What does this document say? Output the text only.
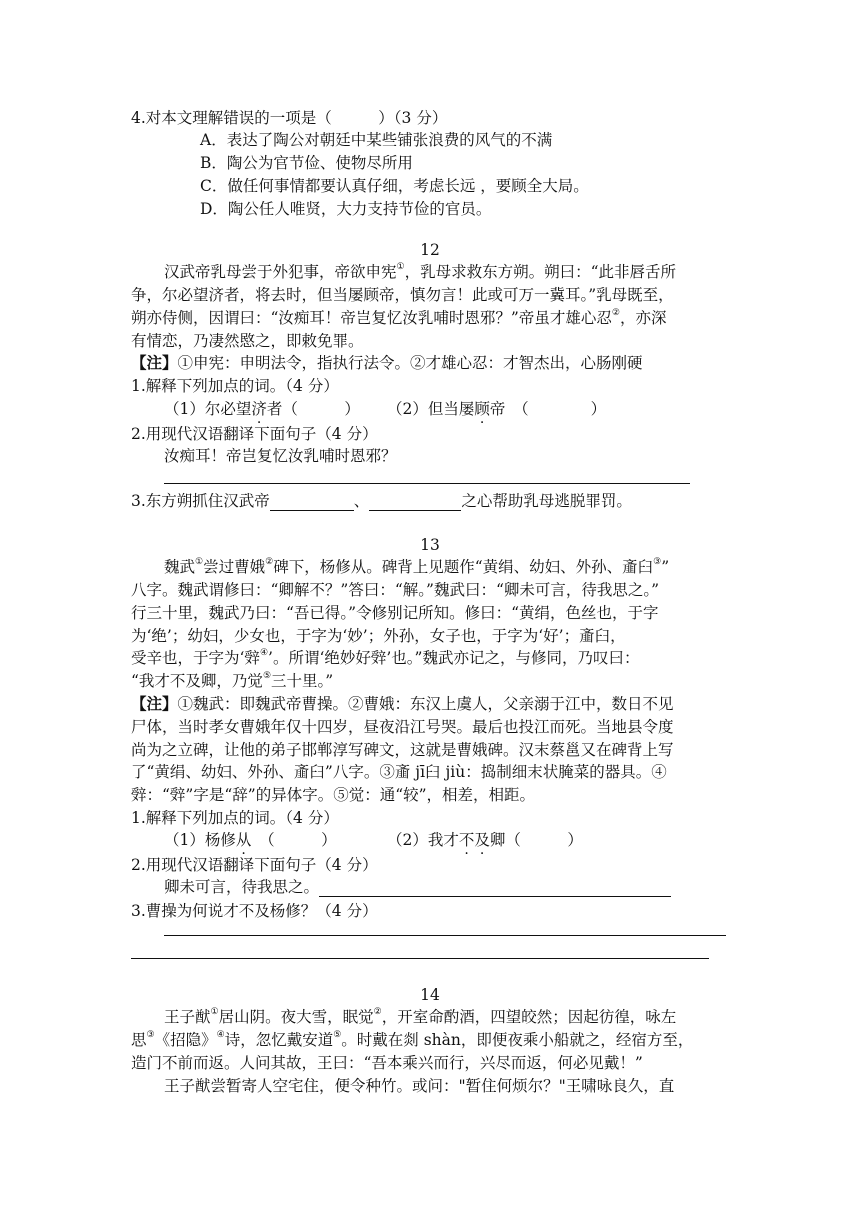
4.对本文理解错误的一项是（　　　）（3 分）
A．表达了陶公对朝廷中某些铺张浪费的风气的不满
B．陶公为官节俭、使物尽所用
C．做任何事情都要认真仔细，考虑长远 ，要顾全大局。
D．陶公任人唯贤，大力支持节俭的官员。
12
汉武帝乳母尝于外犯事，帝欲申宪①，乳母求救东方朔。朔曰：“此非唇舌所
争，尔必望济者，将去时，但当屡顾帝，慎勿言！此或可万一冀耳。”乳母既至，
朔亦侍侧，因谓曰：“汝痴耳！帝岂复忆汝乳哺时恩邪？”帝虽才雄心忍②，亦深
有情恋，乃凄然愍之，即敕免罪。
【注】①申宪：申明法令，指执行法令。②才雄心忍：才智杰出，心肠刚硬
1.解释下列加点的词。（4 分）
（1）尔必望济者（　　　） （2）但当屡顾帝　（　　　　）
2.用现代汉语翻译下面句子（4 分）
汝痴耳！帝岂复忆汝乳哺时恩邪？
3.东方朔抓住汉武帝	、	之心帮助乳母逃脱罪罚。
13
魏武①尝过曹娥②碑下，杨修从。碑背上见题作“黄绢、幼妇、外孙、齑臼③”
八字。魏武谓修曰：“卿解不？”答曰：“解。”魏武曰：“卿未可言，待我思之。”
行三十里，魏武乃曰：“吾已得。”令修别记所知。修曰：“黄绢，色丝也，于字
为‘绝’；幼妇，少女也，于字为‘妙’；外孙，女子也，于字为‘好’；齑臼，
受辛也，于字为‘辤④’。所谓‘绝妙好辤’也。”魏武亦记之，与修同，乃叹曰：
“我才不及卿，乃觉⑤三十里。”
【注】①魏武：即魏武帝曹操。②曹娥：东汉上虞人，父亲溺于江中，数日不见
尸体，当时孝女曹娥年仅十四岁，昼夜沿江号哭。最后也投江而死。当地县令度
尚为之立碑，让他的弟子邯郸淳写碑文，这就是曹娥碑。汉末蔡邕又在碑背上写
了“黄绢、幼妇、外孙、齑臼”八字。③齑 jī臼 jiù：捣制细末状腌菜的器具。④
辤：“辤”字是“辞”的异体字。⑤觉：通“较”，相差，相距。
1.解释下列加点的词。（4 分）
（1）杨修从　（　　　）	（2）我才不及卿（　　　）
2.用现代汉语翻译下面句子（4 分）
卿未可言，待我思之。
3.曹操为何说才不及杨修？（4 分）
14
王子猷①居山阴。夜大雪，眠觉②，开室命酌酒，四望皎然；因起彷徨，咏左
思③《招隐》④诗，忽忆戴安道⑤。时戴在剡 shàn，即便夜乘小船就之，经宿方至，
造门不前而返。人问其故，王曰：“吾本乘兴而行，兴尽而返，何必见戴！”
王子猷尝暂寄人空宅住，便令种竹。或问："暂住何烦尔？"王啸咏良久，直
